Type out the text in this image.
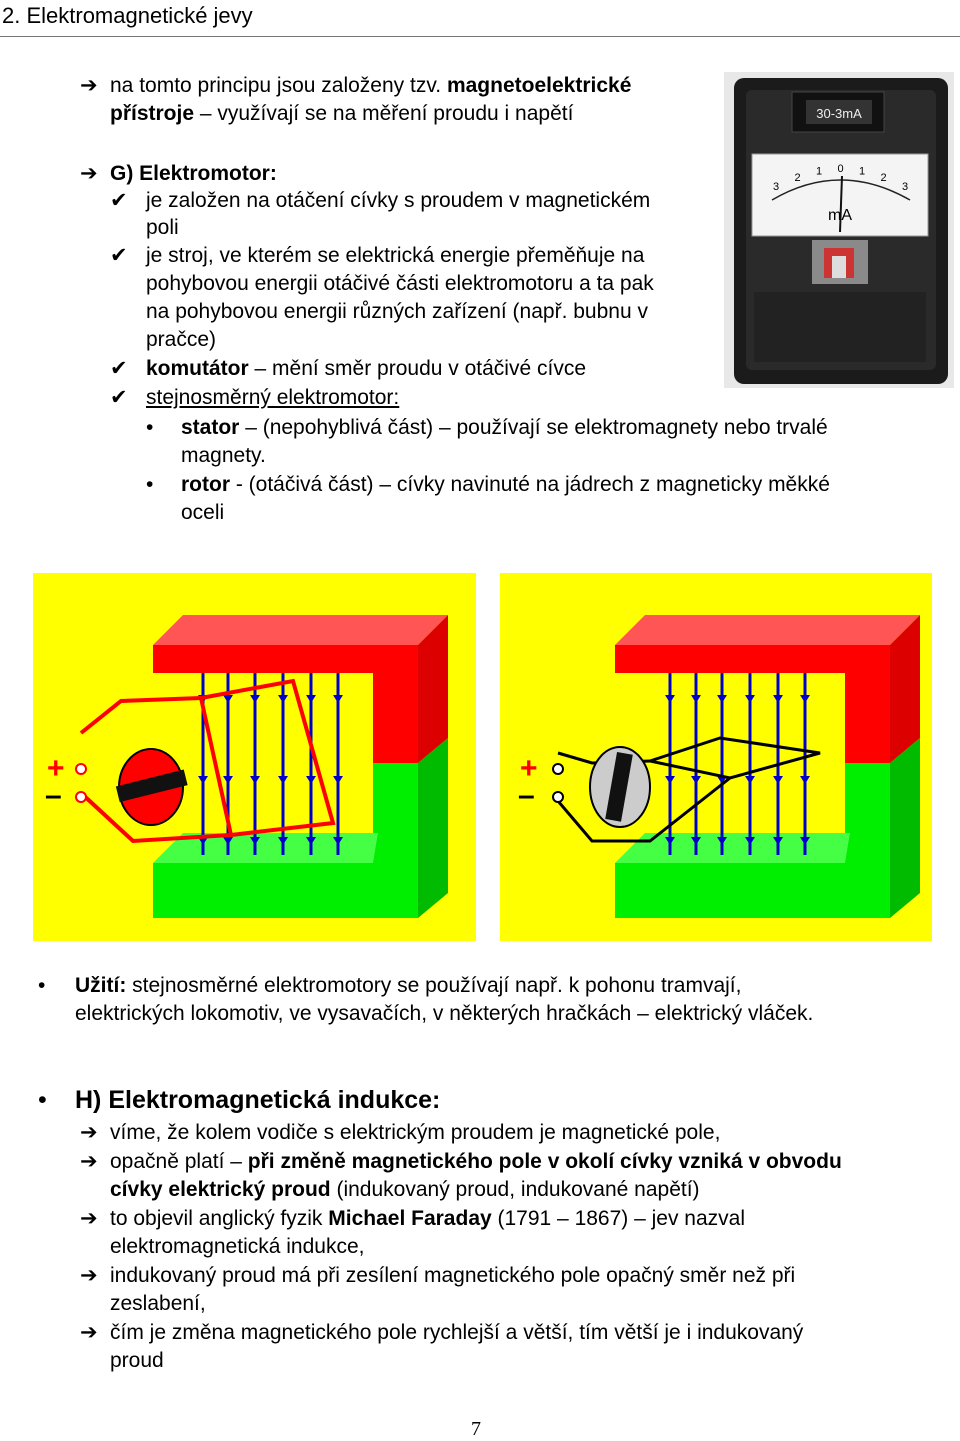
2. Elektromagnetické jevy
➔ na tomto principu jsou založeny tzv. magnetoelektrické
přístroje – využívají se na měření proudu i napětí
➔ G) Elektromotor:
✔ je založen na otáčení cívky s proudem v magnetickém
poli
✔ je stroj, ve kterém se elektrická energie přeměňuje na
pohybovou energii otáčivé části elektromotoru a ta pak
na pohybovou energii různých zařízení (např. bubnu v
pračce)
✔ komutátor – mění směr proudu v otáčivé cívce
✔ stejnosměrný elektromotor:
• stator – (nepohyblivá část) – používají se elektromagnety nebo trvalé
magnety.
• rotor - (otáčivá část) – cívky navinuté na jádrech z magneticky měkké
oceli
30-3mA
3
2
1 0 1
2
3
mA
+
–
+
–
• Užití: stejnosměrné elektromotory se používají např. k pohonu tramvají,
elektrických lokomotiv, ve vysavačích, v některých hračkách – elektrický vláček.
• H) Elektromagnetická indukce:
➔ víme, že kolem vodiče s elektrickým proudem je magnetické pole,
➔ opačně platí – při změně magnetického pole v okolí cívky vzniká v obvodu
cívky elektrický proud (indukovaný proud, indukované napětí)
➔ to objevil anglický fyzik Michael Faraday (1791 – 1867) – jev nazval
elektromagnetická indukce,
➔ indukovaný proud má při zesílení magnetického pole opačný směr než při
zeslabení,
➔ čím je změna magnetického pole rychlejší a větší, tím větší je i indukovaný
proud
7
